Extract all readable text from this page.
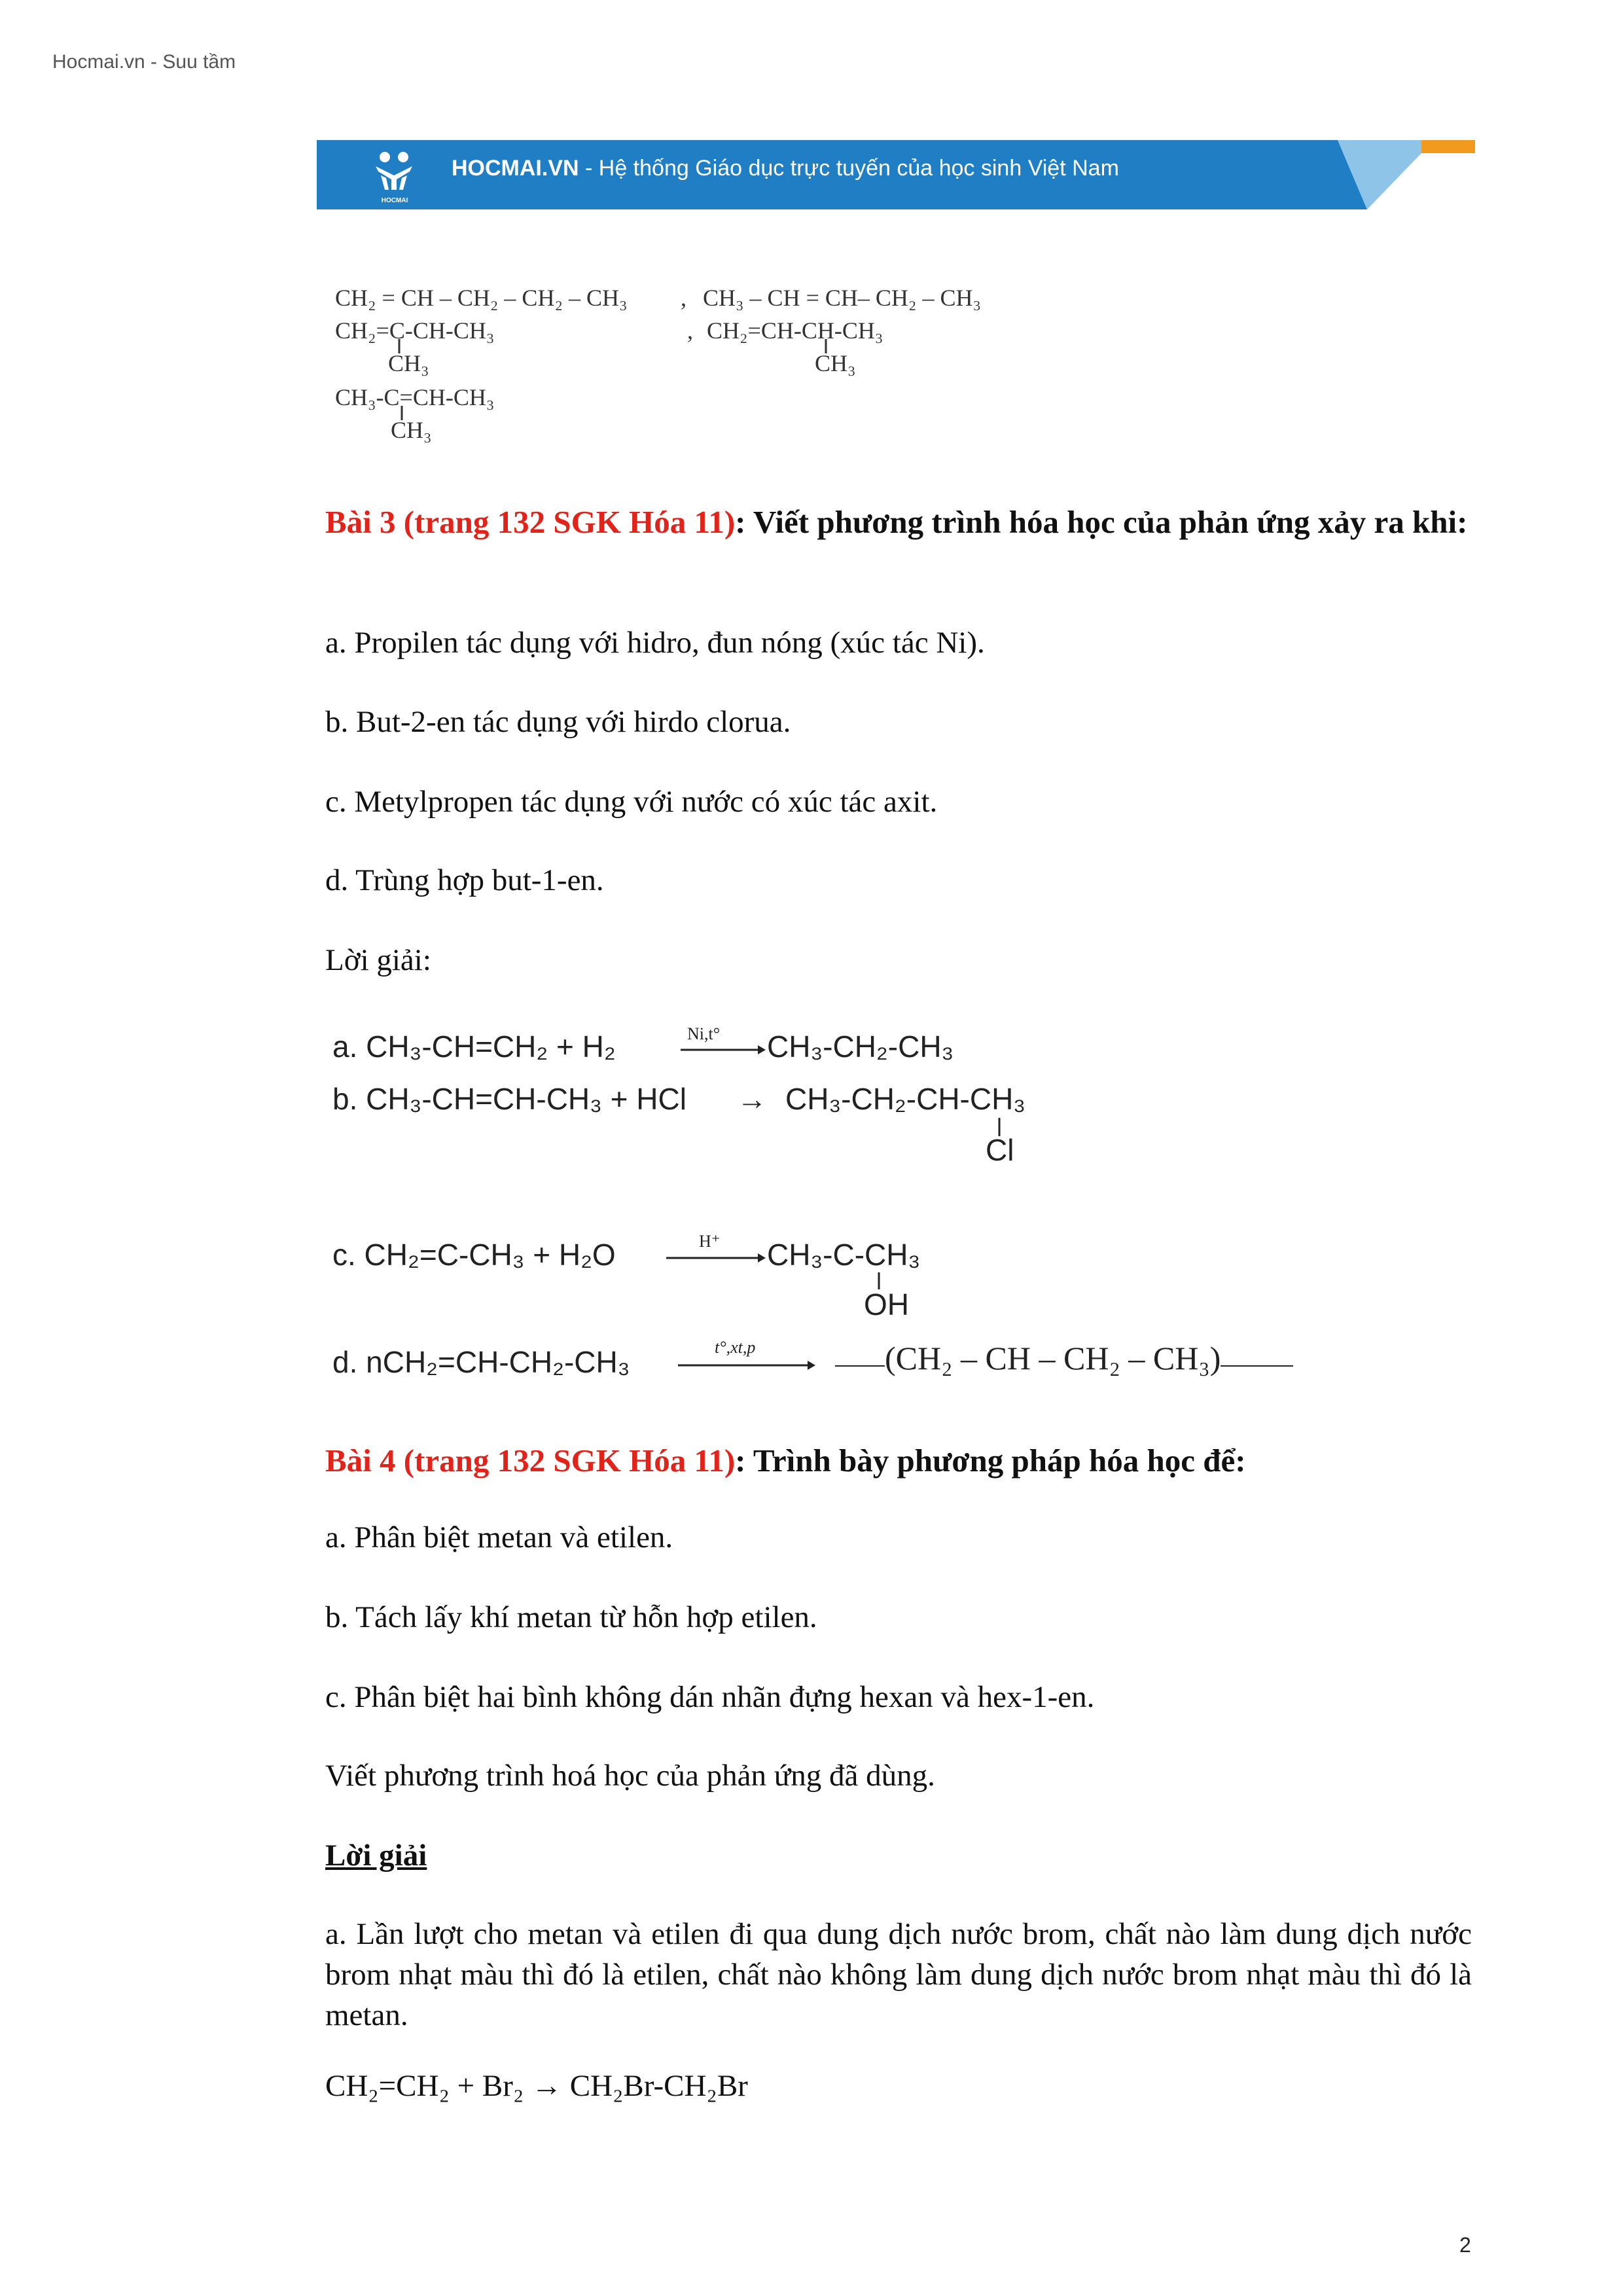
Hocmai.vn - Suu tầm
HOCMAI
HOCMAI.VN - Hệ thống Giáo dục trực tuyến của học sinh Việt Nam
CH₂ = CH – CH₂ – CH₂ – CH₃ , CH₃ – CH = CH– CH₂ – CH₃
CH₂=C-CH-CH₃
CH₃
, CH₂=CH-CH-CH₃
CH₃
CH₃-C=CH-CH₃
CH₃
Bài 3 (trang 132 SGK Hóa 11): Viết phương trình hóa học của phản ứng xảy ra khi:
a. Propilen tác dụng với hidro, đun nóng (xúc tác Ni).
b. But-2-en tác dụng với hirdo clorua.
c. Metylpropen tác dụng với nước có xúc tác axit.
d. Trùng hợp but-1-en.
Lời giải:
a. CH₃-CH=CH₂ + H₂	Ni,t° CH₃-CH₂-CH₃
b. CH₃-CH=CH-CH₃ + HCl → CH₃-CH₂-CH-CH₃
Cl
c. CH₂=C-CH₃ + H₂O	H⁺ CH₃-C-CH₃
OH
d. nCH₂=CH-CH₂-CH₃	t°,xt,p	(CH₂ – CH – CH₂ – CH₃)
Bài 4 (trang 132 SGK Hóa 11): Trình bày phương pháp hóa học để:
a. Phân biệt metan và etilen.
b. Tách lấy khí metan từ hỗn hợp etilen.
c. Phân biệt hai bình không dán nhãn đựng hexan và hex-1-en.
Viết phương trình hoá học của phản ứng đã dùng.
Lời giải
a. Lần lượt cho metan và etilen đi qua dung dịch nước brom, chất nào làm dung dịch nước brom nhạt màu thì đó là etilen, chất nào không làm dung dịch nước brom nhạt màu thì đó là metan.
CH₂=CH₂ + Br₂ → CH₂Br-CH₂Br
2
